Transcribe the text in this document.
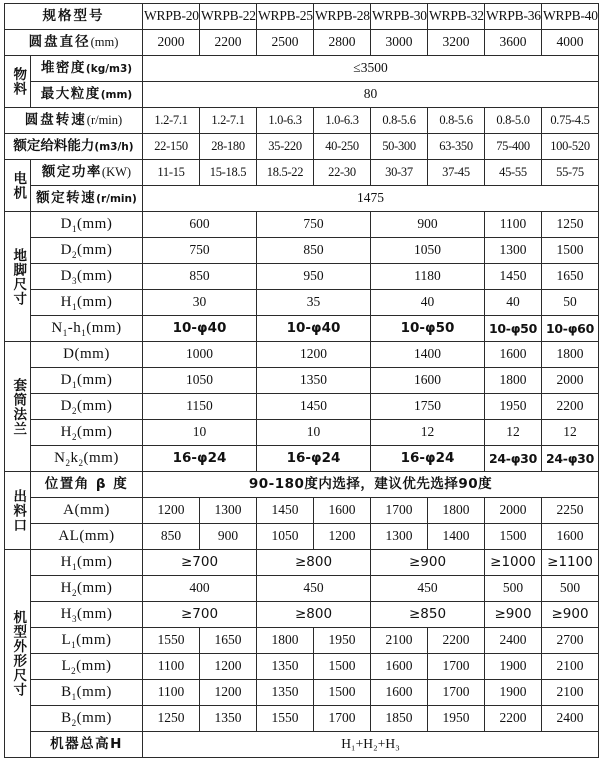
规格型号		WRPB-20	WRPB-22	WRPB-25	WRPB-28	WRPB-30	WRPB-32	WRPB-36	WRPB-40
圆盘直径(mm)		2000	2200	2500	2800	3000	3200	3600	4000

物料	堆密度(kg/m3)	≤3500							
	最大粒度(mm)	80							
圆盘转速(r/min)		1.2-7.1	1.2-7.1	1.0-6.3	1.0-6.3	0.8-5.6	0.8-5.6	0.8-5.0	0.75-4.5
额定给料能力(m3/h)		22-150	28-180	35-220	40-250	50-300	63-350	75-400	100-520

电机	额定功率(KW)	11-15	15-18.5	18.5-22	22-30	30-37	37-45	45-55	55-75
	额定转速(r/min)	1475							

地脚尺寸	$D_1(mm)$	600		750		900		1100	1250
	$D_2(mm)$	750		850		1050		1300	1500
	$D_3(mm)$	850		950		1180		1450	1650
	$H_1(mm)$	30		35		40		40	50
	$N_1-h_1(mm)$	10-φ40		10-φ40		10-φ50		10-φ50	10-φ60

套筒法兰	D(mm)	1000		1200		1400		1600	1800
	$D_1(mm)$	1050		1350		1600		1800	2000
	$D_2(mm)$	1150		1450		1750		1950	2200
	$H_2(mm)$	10		10		12		12	12
	$N_2k_2(mm)$	16-φ24		16-φ24		16-φ24		24-φ30	24-φ30

出料口	位置角 β 度	90-180度内选择，建议优先选择90度							
	A(mm)	1200	1300	1450	1600	1700	1800	2000	2250
	AL(mm)	850	900	1050	1200	1300	1400	1500	1600

机型外形尺寸	$H_1(mm)$	≥700		≥800		≥900		≥1000	≥1100
	$H_2(mm)$	400		450		450		500	500
	$H_3(mm)$	≥700		≥800		≥850		≥900	≥900
	$L_1(mm)$	1550	1650	1800	1950	2100	2200	2400	2700
	$L_2(mm)$	1100	1200	1350	1500	1600	1700	1900	2100
	$B_1(mm)$	1100	1200	1350	1500	1600	1700	1900	2100
	$B_2(mm)$	1250	1350	1550	1700	1850	1950	2200	2400
	机器总高H	H₁+H₂+H₃							
